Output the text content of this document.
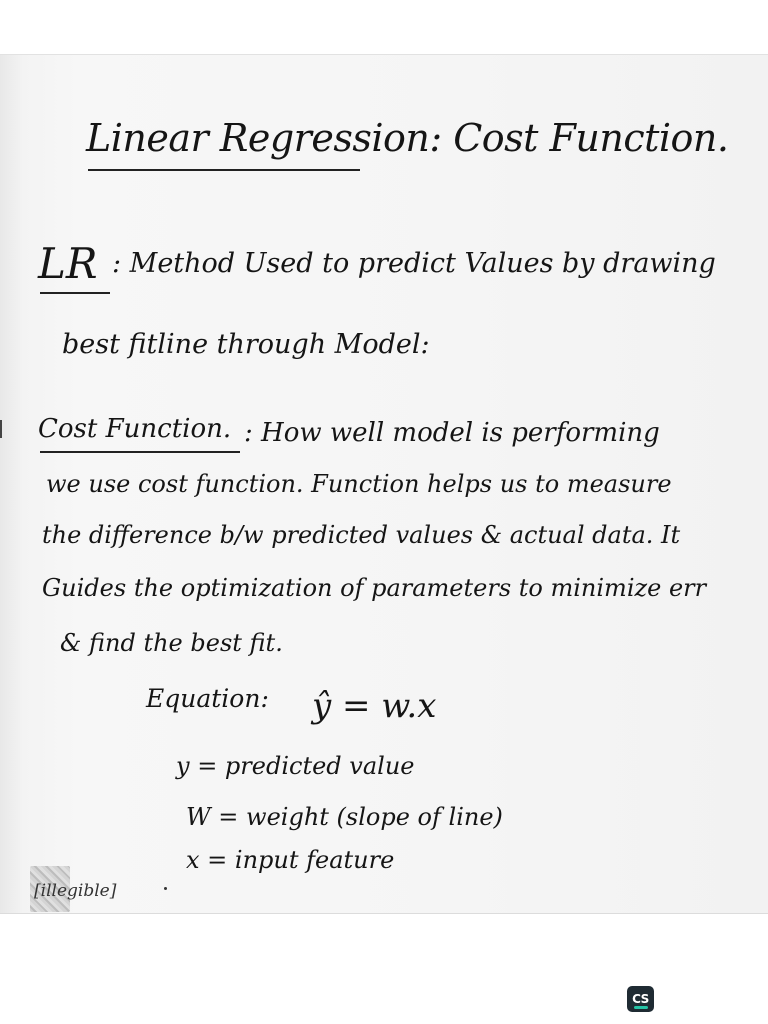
Linear Regression: Cost Function.
LR : Method Used to predict Values by drawing
best fitline through Model:
Cost Function. : How well model is performing
we use cost function. Function helps us to measure
the difference b/w predicted values & actual data. It
Guides the optimization of parameters to minimize err
& find the best fit.
Equation: ŷ = w.x
y = predicted value
W = weight (slope of line)
x = input feature
[illegible]
CS
